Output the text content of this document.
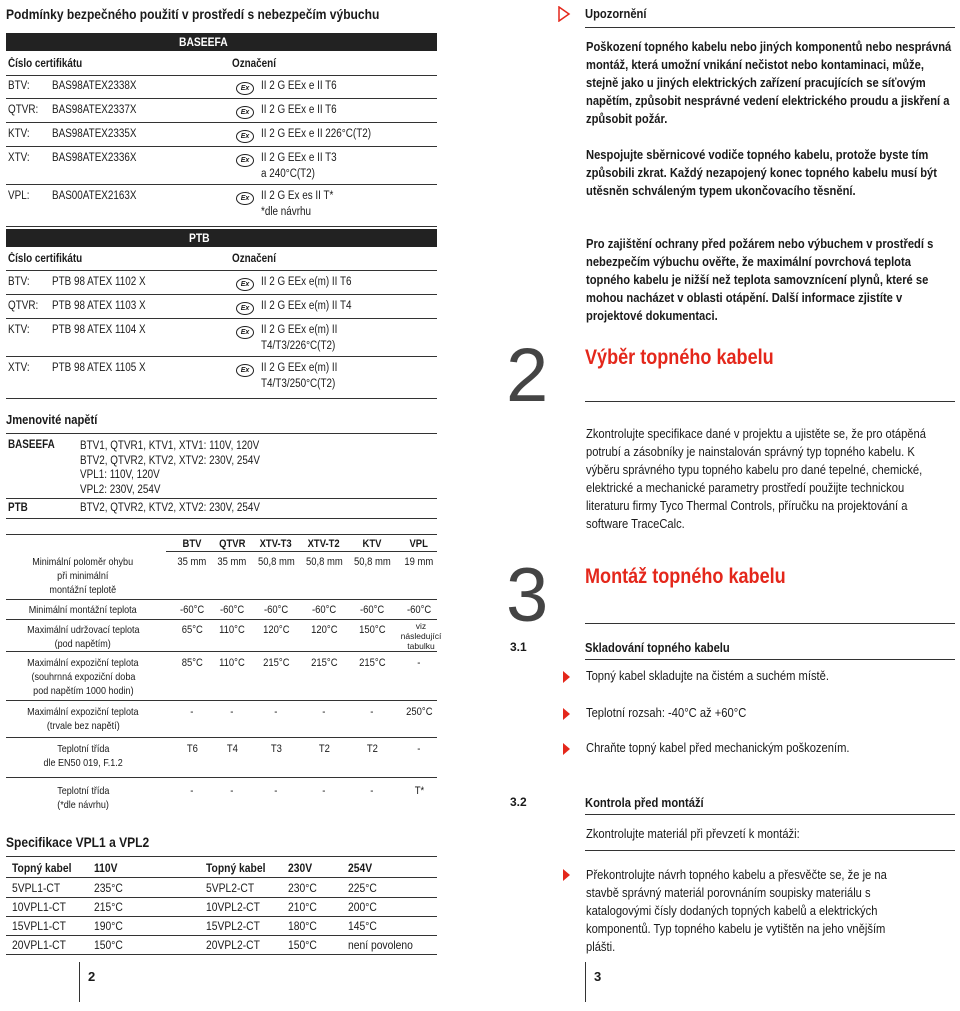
Podmínky bezpečného použití v prostředí s nebezpečím výbuchu
BASEEFA
Číslo certifikátu	Označení
BTV:	BAS98ATEX2338X	Ex	II 2 G EEx e II T6
QTVR:	BAS98ATEX2337X	Ex	II 2 G EEx e II T6
KTV:	BAS98ATEX2335X	Ex	II 2 G EEx e II 226°C(T2)
XTV:	BAS98ATEX2336X	Ex	II 2 G EEx e II T3
a 240°C(T2)
VPL:	BAS00ATEX2163X	Ex	II 2 G Ex es II T*
*dle návrhu
PTB
Číslo certifikátu	Označení
BTV:	PTB 98 ATEX 1102 X	Ex	II 2 G EEx e(m) II T6
QTVR:	PTB 98 ATEX 1103 X	Ex	II 2 G EEx e(m) II T4
KTV:	PTB 98 ATEX 1104 X	Ex	II 2 G EEx e(m) II
T4/T3/226°C(T2)
XTV:	PTB 98 ATEX 1105 X	Ex	II 2 G EEx e(m) II
T4/T3/250°C(T2)
Jmenovité napětí
BASEEFA	BTV1, QTVR1, KTV1, XTV1: 110V, 120V
BTV2, QTVR2, KTV2, XTV2: 230V, 254V
VPL1: 110V, 120V
VPL2: 230V, 254V
PTB	BTV2, QTVR2, KTV2, XTV2: 230V, 254V
BTV	QTVR	XTV-T3	XTV-T2	KTV	VPL
Minimální poloměr ohybu
při minimální
montážní teplotě
35 mm	35 mm	50,8 mm	50,8 mm	50,8 mm	19 mm
Minimální montážní teplota	-60°C	-60°C	-60°C	-60°C	-60°C	-60°C
Maximální udržovací teplota
(pod napětím)
65°C	110°C	120°C	120°C	150°C	viz následující tabulku
Maximální expoziční teplota
(souhrnná expoziční doba
pod napětím 1000 hodin)
85°C	110°C	215°C	215°C	215°C	-
Maximální expoziční teplota
(trvale bez napětí)
-	-	-	-	-	250°C
Teplotní třída
dle EN50 019, F.1.2
T6	T4	T3	T2	T2	-
Teplotní třída
(*dle návrhu)
-	-	-	-	-	T*
Specifikace VPL1 a VPL2
Topný kabel	110V	Topný kabel	230V	254V
5VPL1-CT	235°C	5VPL2-CT	230°C	225°C
10VPL1-CT	215°C	10VPL2-CT	210°C	200°C
15VPL1-CT	190°C	15VPL2-CT	180°C	145°C
20VPL1-CT	150°C	20VPL2-CT	150°C	není povoleno
2
Upozornění
Poškození topného kabelu nebo jiných komponentů nebo nesprávná montáž, která umožní vnikání nečistot nebo kontaminaci, může, stejně jako u jiných elektrických zařízení pracujících se síťovým napětím, způsobit nesprávné vedení elektrického proudu a jiskření a způsobit požár.
Nespojujte sběrnicové vodiče topného kabelu, protože byste tím způsobili zkrat. Každý nezapojený konec topného kabelu musí být utěsněn schváleným typem ukončovacího těsnění.
Pro zajištění ochrany před požárem nebo výbuchem v prostředí s nebezpečím výbuchu ověřte, že maximální povrchová teplota topného kabelu je nižší než teplota samovznícení plynů, které se mohou nacházet v oblasti otápění. Další informace zjistíte v projektové dokumentaci.
2 Výběr topného kabelu
Zkontrolujte specifikace dané v projektu a ujistěte se, že pro otápěná potrubí a zásobníky je nainstalován správný typ topného kabelu. K výběru správného typu topného kabelu pro dané tepelné, chemické, elektrické a mechanické parametry prostředí použijte technickou literaturu firmy Tyco Thermal Controls, příručku na projektování a software TraceCalc.
3 Montáž topného kabelu
3.1	Skladování topného kabelu
Topný kabel skladujte na čistém a suchém místě.
Teplotní rozsah: -40°C až +60°C
Chraňte topný kabel před mechanickým poškozením.
3.2	Kontrola před montáží
Zkontrolujte materiál při převzetí k montáži:
Překontrolujte návrh topného kabelu a přesvěčte se, že je na stavbě správný materiál porovnáním soupisky materiálu s katalogovými čísly dodaných topných kabelů a elektrických komponentů. Typ topného kabelu je vytištěn na jeho vnějším plášti.
3
